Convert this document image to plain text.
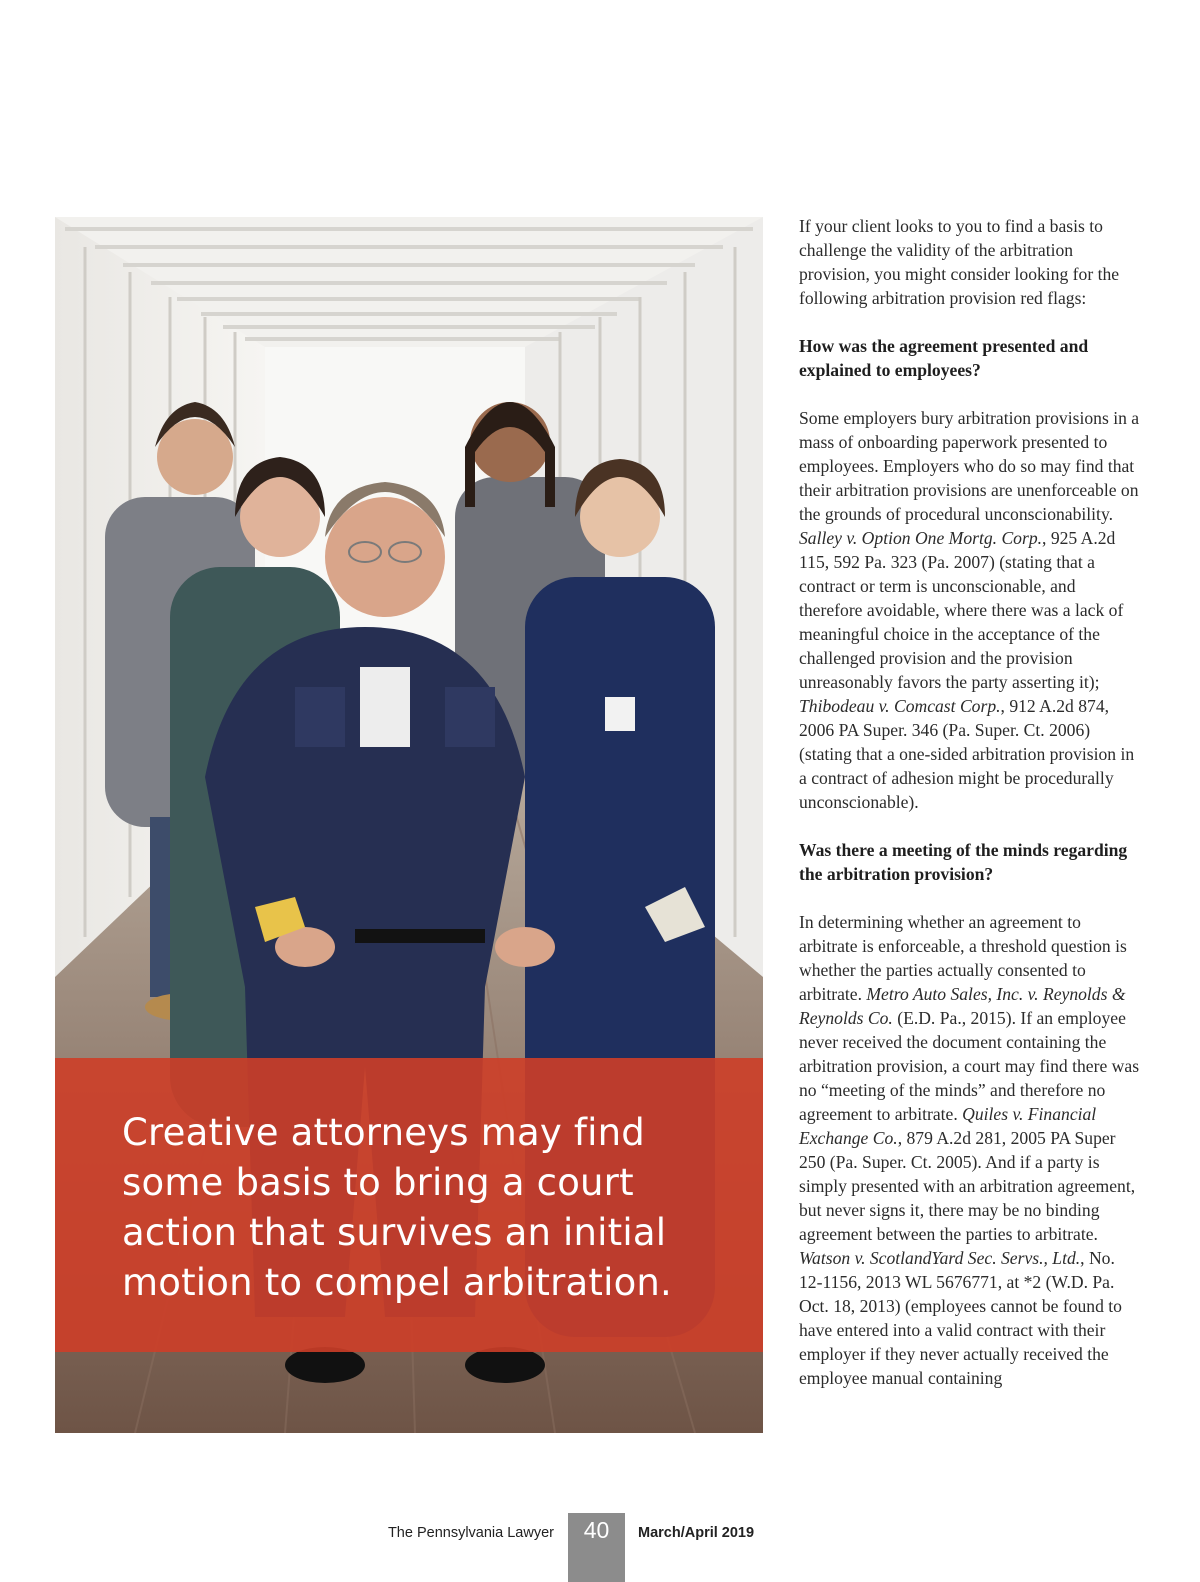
Creative attorneys may find some basis to bring a court action that survives an initial motion to compel arbitration.

If your client looks to you to find a basis to challenge the validity of the arbitration provision, you might consider looking for the following arbitration provision red flags:

How was the agreement presented and explained to employees?

Some employers bury arbitration provisions in a mass of onboarding paperwork presented to employees. Employers who do so may find that their arbitration provisions are unenforceable on the grounds of procedural unconscionability. Salley v. Option One Mortg. Corp., 925 A.2d 115, 592 Pa. 323 (Pa. 2007) (stating that a contract or term is unconscionable, and therefore avoidable, where there was a lack of meaningful choice in the acceptance of the challenged provision and the provision unreasonably favors the party asserting it); Thibodeau v. Comcast Corp., 912 A.2d 874, 2006 PA Super. 346 (Pa. Super. Ct. 2006) (stating that a one-sided arbitration provision in a contract of adhesion might be procedurally unconscionable).

Was there a meeting of the minds regarding the arbitration provision?

In determining whether an agreement to arbitrate is enforceable, a threshold question is whether the parties actually consented to arbitrate. Metro Auto Sales, Inc. v. Reynolds & Reynolds Co. (E.D. Pa., 2015). If an employee never received the document containing the arbitration provision, a court may find there was no “meeting of the minds” and therefore no agreement to arbitrate. Quiles v. Financial Exchange Co., 879 A.2d 281, 2005 PA Super 250 (Pa. Super. Ct. 2005). And if a party is simply presented with an arbitration agreement, but never signs it, there may be no binding agreement between the parties to arbitrate. Watson v. ScotlandYard Sec. Servs., Ltd., No. 12-1156, 2013 WL 5676771, at *2 (W.D. Pa. Oct. 18, 2013) (employees cannot be found to have entered into a valid contract with their employer if they never actually received the employee manual containing

The Pennsylvania Lawyer	40	March/April 2019
